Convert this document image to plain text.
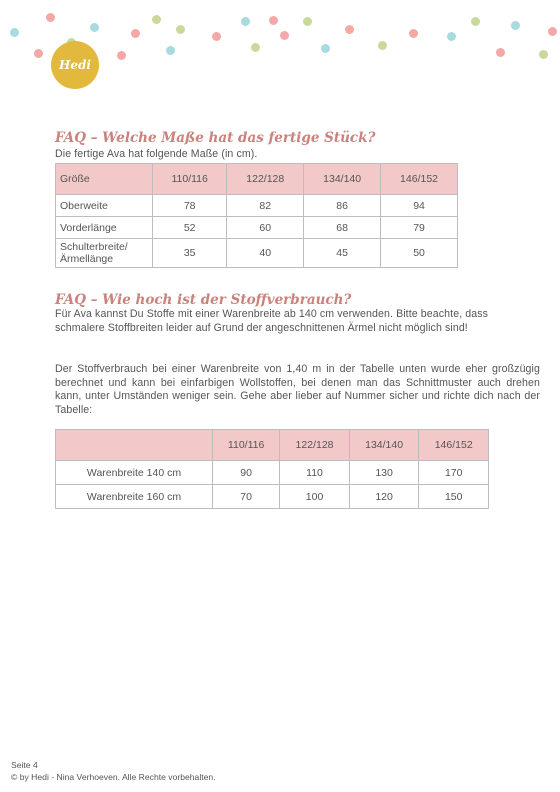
Hedi
FAQ – Welche Maße hat das fertige Stück?

Die fertige Ava hat folgende Maße (in cm).

Größe	110/116	122/128	134/140	146/152
Oberweite	78	82	86	94
Vorderlänge	52	60	68	79
Schulterbreite/
Ärmellänge	35	40	45	50
FAQ – Wie hoch ist der Stoffverbrauch?

Für Ava kannst Du Stoffe mit einer Warenbreite ab 140 cm verwenden. Bitte beachte, dass schmalere Stoffbreiten leider auf Grund der angeschnittenen Ärmel nicht möglich sind!

Der Stoffverbrauch bei einer Warenbreite von 1,40 m in der Tabelle unten wurde eher großzügig berechnet und kann bei einfarbigen Wollstoffen, bei denen man das Schnittmuster auch drehen kann, unter Umständen weniger sein. Gehe aber lieber auf Nummer sicher und richte dich nach der Tabelle:

	110/116	122/128	134/140	146/152
Warenbreite 140 cm	90	110	130	170
Warenbreite 160 cm	70	100	120	150

Seite 4

© by Hedi - Nina Verhoeven. Alle Rechte vorbehalten.
